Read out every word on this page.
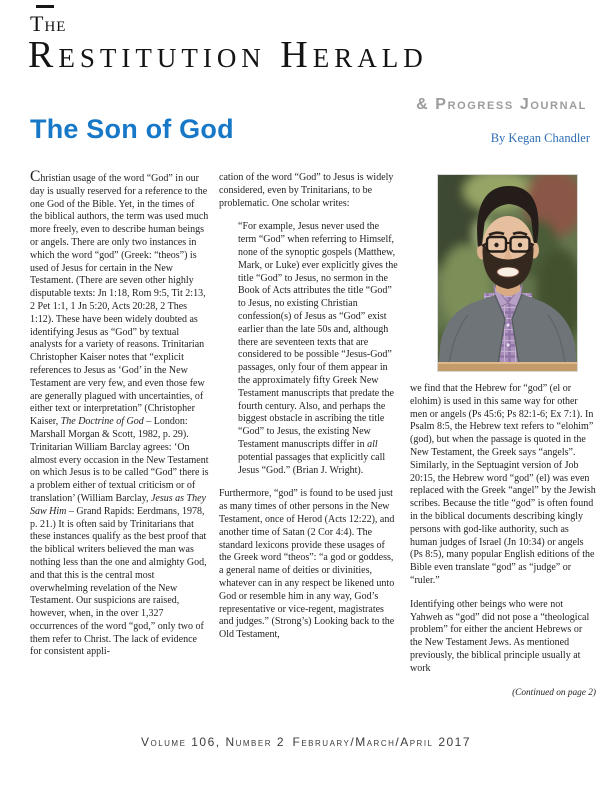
The
Restitution Herald
& Progress Journal
The Son of God	By Kegan Chandler

Christian usage of the word “God” in our day is usually reserved for a reference to the one God of the Bible. Yet, in the times of the biblical authors, the term was used much more freely, even to describe human beings or angels. There are only two instances in which the word “god” (Greek: “theos”) is used of Jesus for certain in the New Testament. (There are seven other highly disputable texts: Jn 1:18, Rom 9:5, Tit 2:13, 2 Pet 1:1, 1 Jn 5:20, Acts 20:28, 2 Thes 1:12). These have been widely doubted as identifying Jesus as “God” by textual analysts for a variety of reasons. Trinitarian Christopher Kaiser notes that “explicit references to Jesus as ‘God’ in the New Testament are very few, and even those few are generally plagued with uncertainties, of either text or interpretation” (Christopher Kaiser, The Doctrine of God – London: Marshall Morgan & Scott, 1982, p. 29). Trinitarian William Barclay agrees: ‘On almost every occasion in the New Testament on which Jesus is to be called “God” there is a problem either of textual criticism or of translation’ (William Barclay, Jesus as They Saw Him – Grand Rapids: Eerdmans, 1978, p. 21.) It is often said by Trinitarians that these instances qualify as the best proof that the biblical writers believed the man was nothing less than the one and almighty God, and that this is the central most overwhelming revelation of the New Testament. Our suspicions are raised, however, when, in the over 1,327 occurrences of the word “god,” only two of them refer to Christ. The lack of evidence for consistent appli-

cation of the word “God” to Jesus is widely considered, even by Trinitarians, to be problematic. One scholar writes:

“For example, Jesus never used the term “God” when referring to Himself, none of the synoptic gospels (Matthew, Mark, or Luke) ever explicitly gives the title “God” to Jesus, no sermon in the Book of Acts attributes the title “God” to Jesus, no existing Christian confession(s) of Jesus as “God” exist earlier than the late 50s and, although there are seventeen texts that are considered to be possible “Jesus-God” passages, only four of them appear in the approximately fifty Greek New Testament manuscripts that predate the fourth century. Also, and perhaps the biggest obstacle in ascribing the title “God” to Jesus, the existing New Testament manuscripts differ in all potential passages that explicitly call Jesus “God.” (Brian J. Wright).

Furthermore, “god” is found to be used just as many times of other persons in the New Testament, once of Herod (Acts 12:22), and another time of Satan (2 Cor 4:4). The standard lexicons provide these usages of the Greek word “theos”: “a god or goddess, a general name of deities or divinities, whatever can in any respect be likened unto God or resemble him in any way, God’s representative or vice-regent, magistrates and judges.” (Strong’s) Looking back to the Old Testament,

we find that the Hebrew for “god” (el or elohim) is used in this same way for other men or angels (Ps 45:6; Ps 82:1-6; Ex 7:1). In Psalm 8:5, the Hebrew text refers to “elohim” (god), but when the passage is quoted in the New Testament, the Greek says “angels”. Similarly, in the Septuagint version of Job 20:15, the Hebrew word “god” (el) was even replaced with the Greek “angel” by the Jewish scribes. Because the title “god” is often found in the biblical documents describing kingly persons with god-like authority, such as human judges of Israel (Jn 10:34) or angels (Ps 8:5), many popular English editions of the Bible even translate “god” as “judge” or “ruler.”

Identifying other beings who were not Yahweh as “god” did not pose a “theological problem” for either the ancient Hebrews or the New Testament Jews. As mentioned previously, the biblical principle usually at work

(Continued on page 2)

Volume 106, Number 2 February/March/April 2017
